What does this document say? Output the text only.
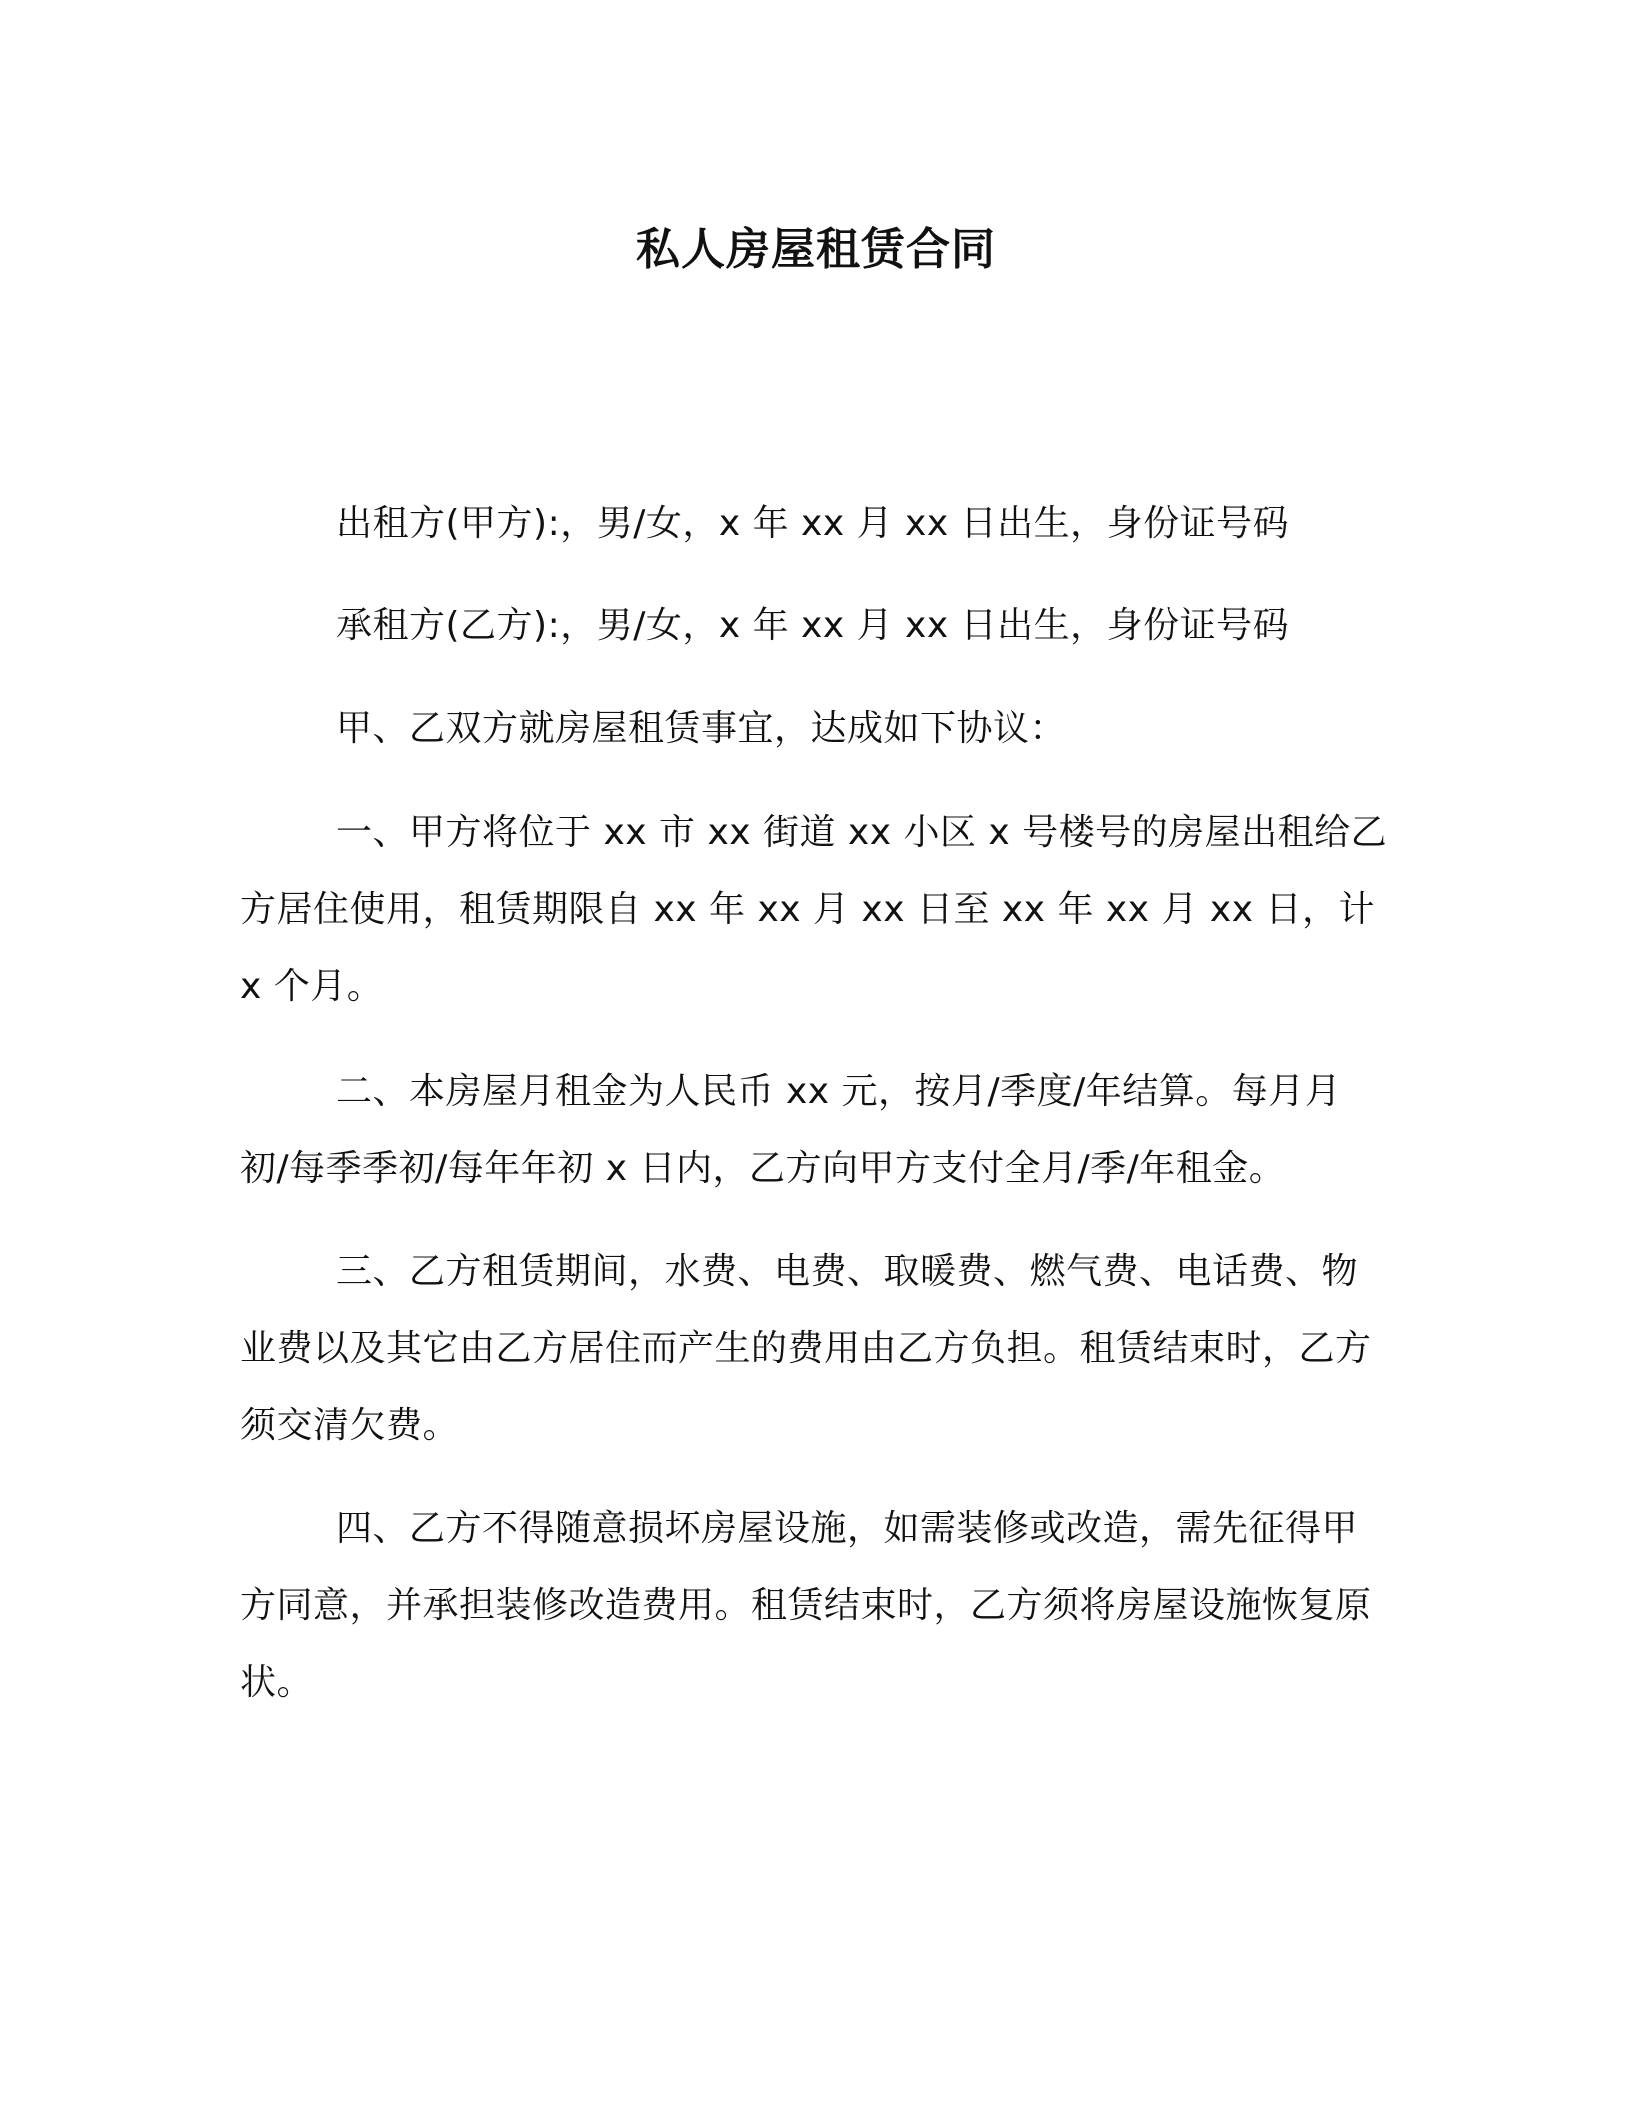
私人房屋租赁合同
出租方(甲方):，男/女，x 年 xx 月 xx 日出生，身份证号码
承租方(乙方):，男/女，x 年 xx 月 xx 日出生，身份证号码
甲、乙双方就房屋租赁事宜，达成如下协议：
一、甲方将位于 xx 市 xx 街道 xx 小区 x 号楼号的房屋出租给乙方居住使用，租赁期限自 xx 年 xx 月 xx 日至 xx 年 xx 月 xx 日，计 x 个月。
二、本房屋月租金为人民币 xx 元，按月/季度/年结算。每月月初/每季季初/每年年初 x 日内，乙方向甲方支付全月/季/年租金。
三、乙方租赁期间，水费、电费、取暖费、燃气费、电话费、物业费以及其它由乙方居住而产生的费用由乙方负担。租赁结束时，乙方须交清欠费。
四、乙方不得随意损坏房屋设施，如需装修或改造，需先征得甲方同意，并承担装修改造费用。租赁结束时，乙方须将房屋设施恢复原状。
